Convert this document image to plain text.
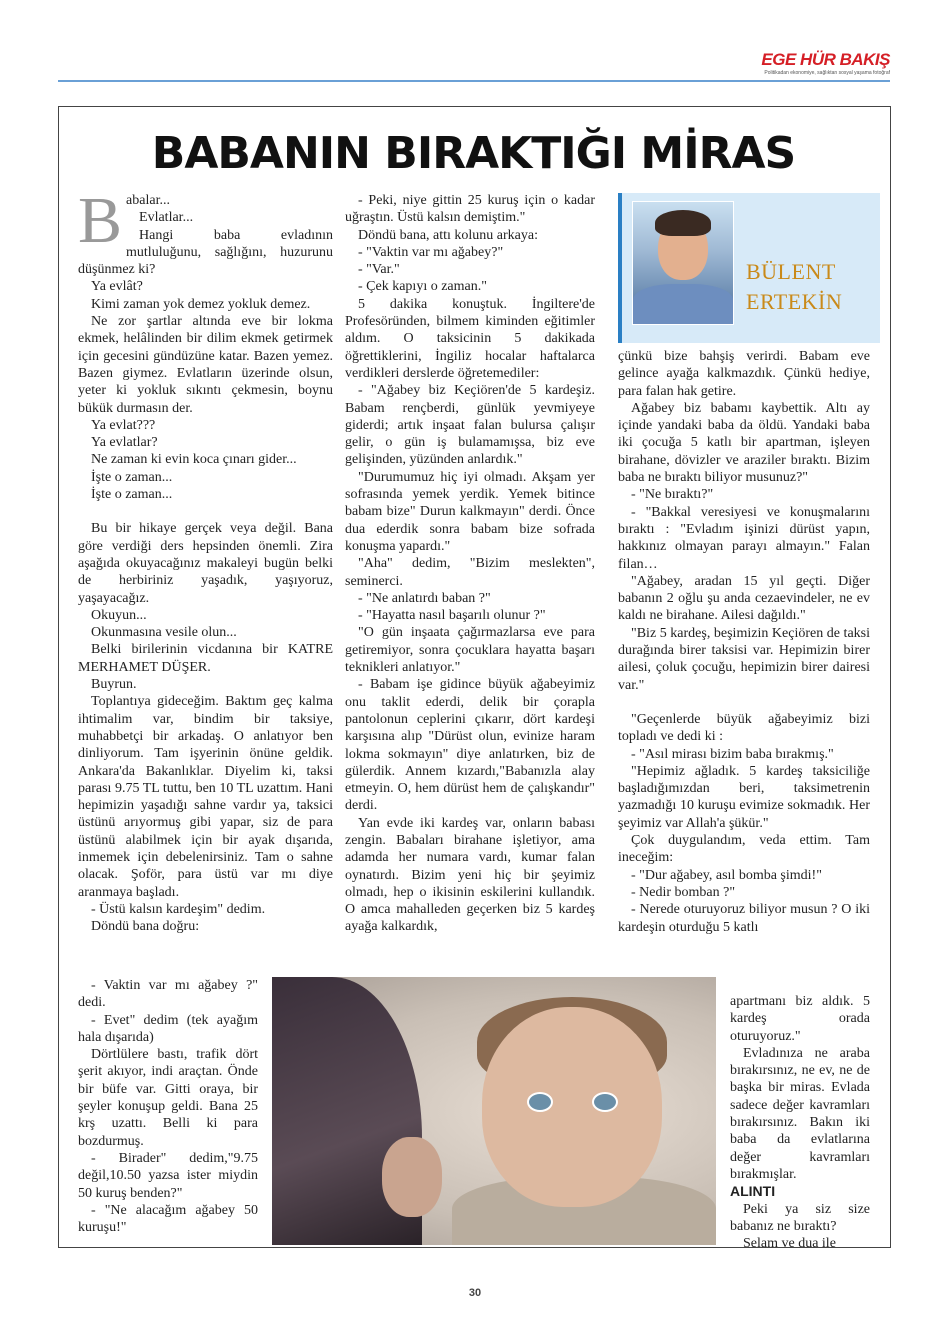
EGE HÜR BAKIŞ
Politikadan ekonomiye, sağlıktan sosyal yaşama fotoğraf
BABANIN BIRAKTIĞI MİRAS
B abalar...

Evlatlar...

Hangi baba evladının mutluluğunu, sağlığını, huzurunu düşünmez ki?

Ya evlât?

Kimi zaman yok demez yokluk demez.

Ne zor şartlar altında eve bir lokma ekmek, helâlinden bir dilim ekmek getirmek için gecesini gündüzüne katar. Bazen yemez. Bazen giymez. Evlatların üzerinde olsun, yeter ki yokluk sıkıntı çekmesin, boynu bükük durmasın der.

Ya evlat???

Ya evlatlar?

Ne zaman ki evin koca çınarı gider...

İşte o zaman...

İşte o zaman...

Bu bir hikaye gerçek veya değil. Bana göre verdiği ders hepsinden önemli. Zira aşağıda okuyacağınız makaleyi bugün belki de herbiriniz yaşadık, yaşıyoruz, yaşayacağız.

Okuyun...

Okunmasına vesile olun...

Belki birilerinin vicdanına bir KATRE MERHAMET DÜŞER.

Buyrun.

Toplantıya gideceğim. Baktım geç kalma ihtimalim var, bindim bir taksiye, muhabbetçi bir arkadaş. O anlatıyor ben dinliyorum. Tam işyerinin önüne geldik. Ankara'da Bakanlıklar. Diyelim ki, taksi parası 9.75 TL tuttu, ben 10 TL uzattım. Hani hepimizin yaşadığı sahne vardır ya, taksici üstünü arıyormuş gibi yapar, siz de para üstünü alabilmek için bir ayak dışarıda, inmemek için debelenirsiniz. Tam o sahne olacak. Şoför, para üstü var mı diye aranmaya başladı.

- Üstü kalsın kardeşim" dedim.

Döndü bana doğru:

- Vaktin var mı ağabey ?" dedi.

- Evet" dedim (tek ayağım hala dışarıda)

Dörtlülere bastı, trafik dört şerit akıyor, indi araçtan. Önde bir büfe var. Gitti oraya, bir şeyler konuşup geldi. Bana 25 krş uzattı. Belli ki para bozdurmuş.

- Birader" dedim,"9.75 değil,10.50 yazsa ister miydin 50 kuruş benden?"

- "Ne alacağım ağabey 50 kuruşu!"

- Peki, niye gittin 25 kuruş için o kadar uğraştın. Üstü kalsın demiştim."

Döndü bana, attı kolunu arkaya:

- "Vaktin var mı ağabey?"

- "Var."

- Çek kapıyı o zaman."

5 dakika konuştuk. İngiltere'de Profesöründen, bilmem kiminden eğitimler aldım. O taksicinin 5 dakikada öğrettiklerini, İngiliz hocalar haftalarca verdikleri derslerde öğretemediler:

- "Ağabey biz Keçiören'de 5 kardeşiz. Babam rençberdi, günlük yevmiyeye giderdi; artık inşaat falan bulursa çalışır gelir, o gün iş bulamamışsa, biz eve gelişinden, yüzünden anlardık."

"Durumumuz hiç iyi olmadı. Akşam yer sofrasında yemek yerdik. Yemek bitince babam bize" Durun kalkmayın" derdi. Önce dua ederdik sonra babam bize sofrada konuşma yapardı."

"Aha" dedim, "Bizim meslekten", seminerci.

- "Ne anlatırdı baban ?"

- "Hayatta nasıl başarılı olunur ?"

"O gün inşaata çağırmazlarsa eve para getiremiyor, sonra çocuklara hayatta başarı teknikleri anlatıyor."

- Babam işe gidince büyük ağabeyimiz onu taklit ederdi, delik bir çorapla pantolonun ceplerini çıkarır, dört kardeşi karşısına alıp "Dürüst olun, evinize haram lokma sokmayın" diye anlatırken, biz de gülerdik. Annem kızardı,"Babanızla alay etmeyin. O, hem dürüst hem de çalışkandır" derdi.

Yan evde iki kardeş var, onların babası zengin. Babaları birahane işletiyor, ama adamda her numara vardı, kumar falan oynatırdı. Bizim yeni hiç bir şeyimiz olmadı, hep o ikisinin eskilerini kullandık. O amca mahalleden geçerken biz 5 kardeş ayağa kalkardık,

BÜLENT
ERTEKİN

çünkü bize bahşiş verirdi. Babam eve gelince ayağa kalkmazdık. Çünkü hediye, para falan hak getire.

Ağabey biz babamı kaybettik. Altı ay içinde yandaki baba da öldü. Yandaki baba iki çocuğa 5 katlı bir apartman, işleyen birahane, dövizler ve araziler bıraktı. Bizim baba ne bıraktı biliyor musunuz?"

- "Ne bıraktı?"

- "Bakkal veresiyesi ve konuşmalarını bıraktı : "Evladım işinizi dürüst yapın, hakkınız olmayan parayı almayın." Falan filan…

"Ağabey, aradan 15 yıl geçti. Diğer babanın 2 oğlu şu anda cezaevindeler, ne ev kaldı ne birahane. Ailesi dağıldı."

"Biz 5 kardeş, beşimizin Keçiören de taksi durağında birer taksisi var. Hepimizin birer ailesi, çoluk çocuğu, hepimizin birer dairesi var."

"Geçenlerde büyük ağabeyimiz bizi topladı ve dedi ki :

- "Asıl mirası bizim baba bırakmış."

"Hepimiz ağladık. 5 kardeş taksiciliğe başladığımızdan beri, taksimetrenin yazmadığı 10 kuruşu evimize sokmadık. Her şeyimiz var Allah'a şükür."

Çok duygulandım, veda ettim. Tam ineceğim:

- "Dur ağabey, asıl bomba şimdi!"

- Nedir bomban ?"

- Nerede oturuyoruz biliyor musun ? O iki kardeşin oturduğu 5 katlı

apartmanı biz aldık. 5 kardeş orada oturuyoruz."

Evladınıza ne araba bırakırsınız, ne ev, ne de başka bir miras. Evlada sadece değer kavramları bırakırsınız. Bakın iki baba da evlatlarına değer kavramları bırakmışlar.

ALINTI

Peki ya siz size babanız ne bıraktı?

Selam ve dua ile

30
